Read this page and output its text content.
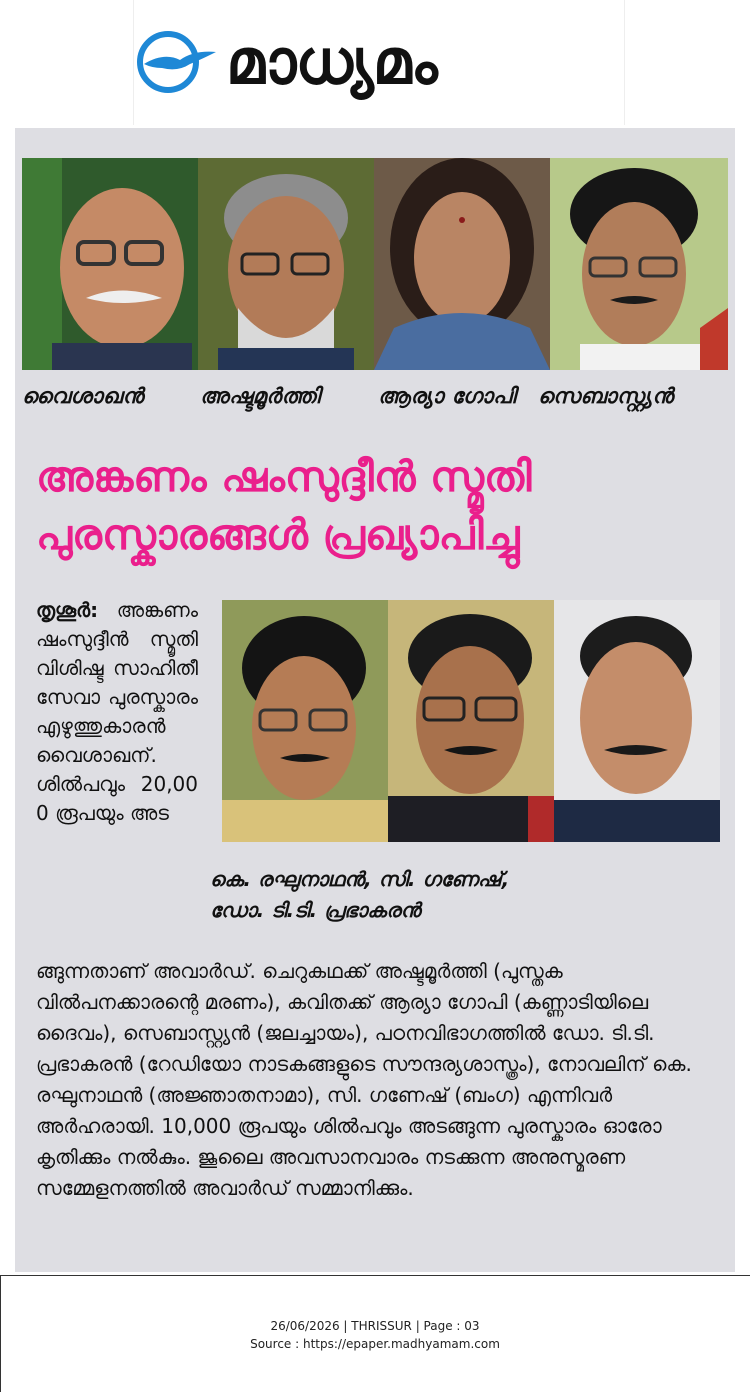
മാധ്യമം
വൈശാഖൻ	അഷ്ടമൂർത്തി	ആര്യാ ഗോപി സെബാസ്റ്റ്യൻ
അങ്കണം ഷംസുദ്ദീൻ സ്മൃതി
പുരസ്കാരങ്ങൾ പ്രഖ്യാപിച്ചു
തൃശൂർ: അങ്കണം ഷംസുദ്ദീൻ സ്മൃതി വിശിഷ്ട സാഹിതീ സേവാ പുരസ്കാരം എഴുത്തുകാരൻ വൈശാഖന്. ശിൽപവും 20,000 രൂപയും അട
കെ. രഘുനാഥൻ, സി. ഗണേഷ്,
ഡോ. ടി.ടി. പ്രഭാകരൻ
ങ്ങുന്നതാണ് അവാർഡ്. ചെറുകഥക്ക് അഷ്ടമൂർത്തി (പുസ്തക വിൽപനക്കാരന്റെ മരണം), കവിതക്ക് ആര്യാ ഗോപി (കണ്ണാടിയിലെ ദൈവം), സെബാസ്റ്റ്യൻ (ജലച്ചായം), പഠനവിഭാഗത്തിൽ ഡോ. ടി.ടി. പ്രഭാകരൻ (റേഡിയോ നാടകങ്ങളുടെ സൗന്ദര്യശാസ്ത്രം), നോവലിന് കെ. രഘുനാഥൻ (അജ്ഞാതനാമാ), സി. ഗണേഷ് (ബംഗ) എന്നിവർ അർഹരായി. 10,000 രൂപയും ശിൽപവും അടങ്ങുന്ന പുരസ്കാരം ഓരോ കൃതിക്കും നൽകും. ജൂലൈ അവസാനവാരം നടക്കുന്ന അനുസ്മരണ സമ്മേളനത്തിൽ അവാർഡ് സമ്മാനിക്കും.
26/06/2026 | THRISSUR | Page : 03
Source : https://epaper.madhyamam.com
